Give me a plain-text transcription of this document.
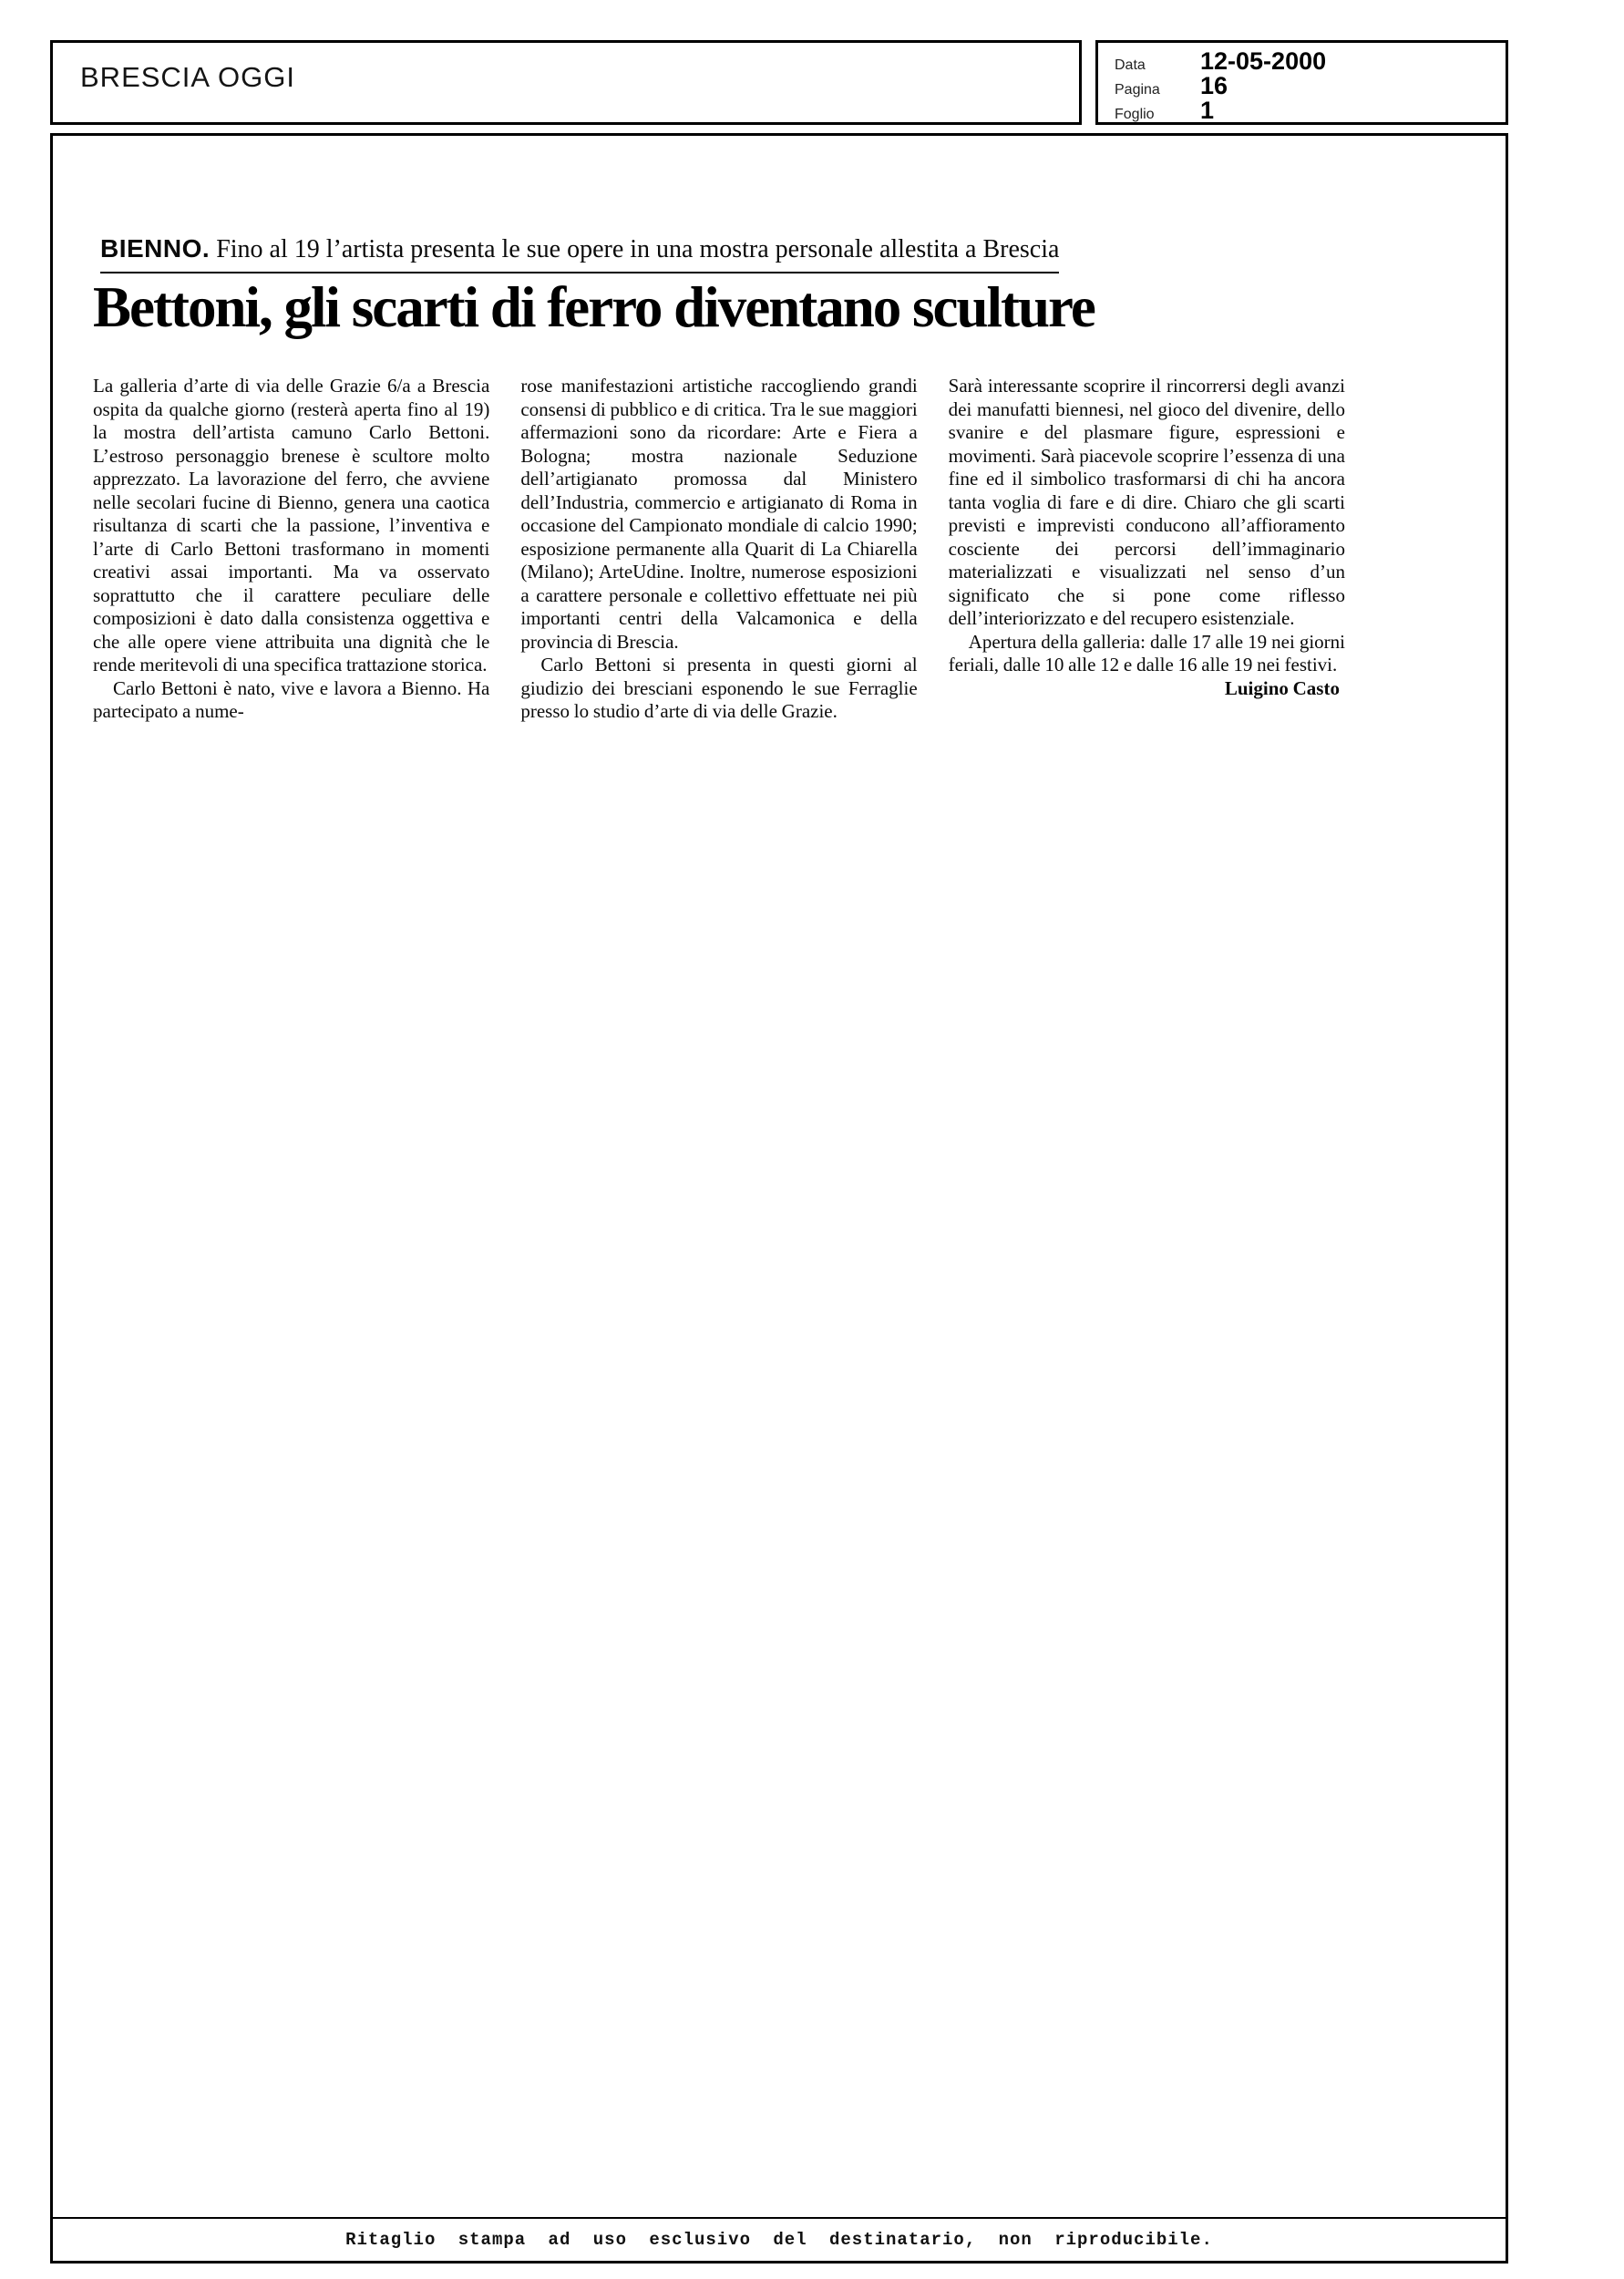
BRESCIA OGGI	Data	12-05-2000
Pagina	16
Foglio	1
BIENNO. Fino al 19 l’artista presenta le sue opere in una mostra personale allestita a Brescia
Bettoni, gli scarti di ferro diventano sculture

La galleria d’arte di via delle Grazie 6/a a Brescia ospita da qualche giorno (resterà aperta fino al 19) la mostra dell’artista camuno Carlo Bettoni. L’estroso personaggio brenese è scultore molto apprezzato. La lavorazione del ferro, che avviene nelle secolari fucine di Bienno, genera una caotica risultanza di scarti che la passione, l’inventiva e l’arte di Carlo Bettoni trasformano in momenti creativi assai importanti. Ma va osservato soprattutto che il carattere peculiare delle composizioni è dato dalla consistenza oggettiva e che alle opere viene attribuita una dignità che le rende meritevoli di una specifica trattazione storica.

Carlo Bettoni è nato, vive e lavora a Bienno. Ha partecipato a nume-

rose manifestazioni artistiche raccogliendo grandi consensi di pubblico e di critica. Tra le sue maggiori affermazioni sono da ricordare: Arte e Fiera a Bologna; mostra nazionale Seduzione dell’artigianato promossa dal Ministero dell’Industria, commercio e artigianato di Roma in occasione del Campionato mondiale di calcio 1990; esposizione permanente alla Quarit di La Chiarella (Milano); ArteUdine. Inoltre, numerose esposizioni a carattere personale e collettivo effettuate nei più importanti centri della Valcamonica e della provincia di Brescia.

Carlo Bettoni si presenta in questi giorni al giudizio dei bresciani esponendo le sue Ferraglie presso lo studio d’arte di via delle Grazie.

Sarà interessante scoprire il rincorrersi degli avanzi dei manufatti biennesi, nel gioco del divenire, dello svanire e del plasmare figure, espressioni e movimenti. Sarà piacevole scoprire l’essenza di una fine ed il simbolico trasformarsi di chi ha ancora tanta voglia di fare e di dire. Chiaro che gli scarti previsti e imprevisti conducono all’affioramento cosciente dei percorsi dell’immaginario materializzati e visualizzati nel senso d’un significato che si pone come riflesso dell’interiorizzato e del recupero esistenziale.

Apertura della galleria: dalle 17 alle 19 nei giorni feriali, dalle 10 alle 12 e dalle 16 alle 19 nei festivi.

Luigino Casto

Ritaglio stampa ad uso esclusivo del destinatario, non riproducibile.
